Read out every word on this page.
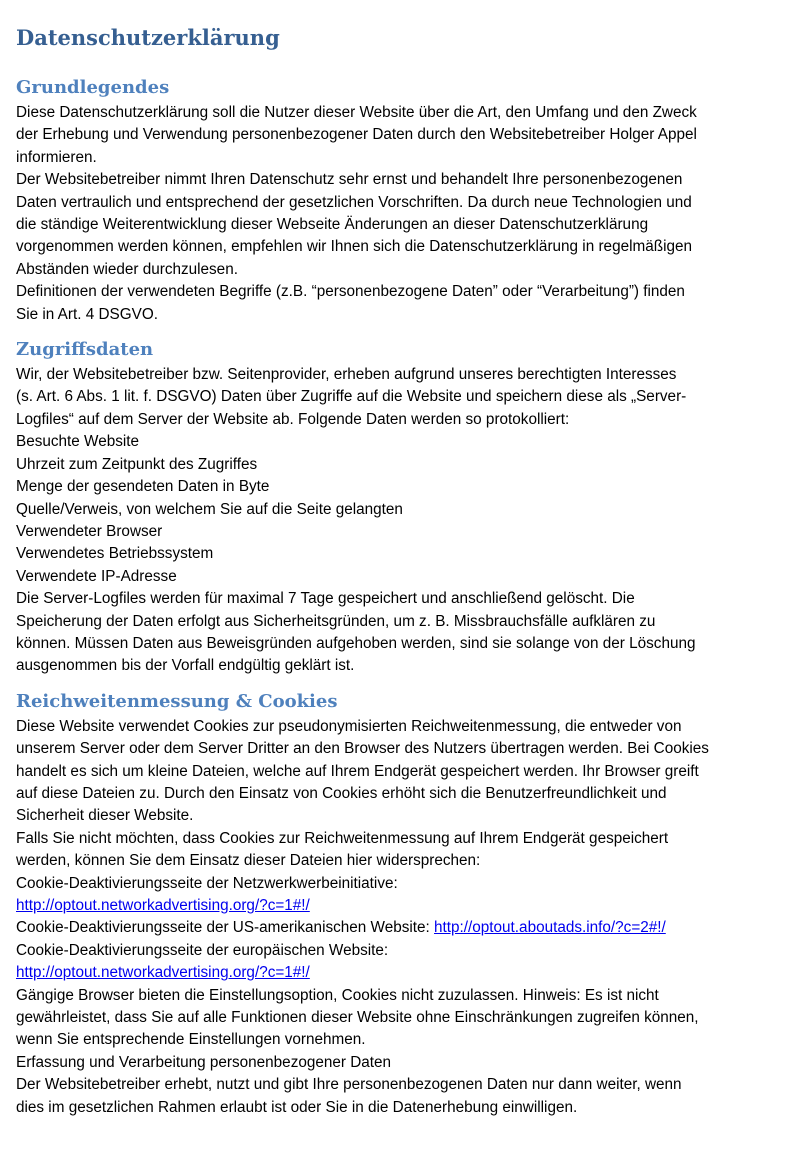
Datenschutzerklärung
Grundlegendes
Diese Datenschutzerklärung soll die Nutzer dieser Website über die Art, den Umfang und den Zweck
der Erhebung und Verwendung personenbezogener Daten durch den Websitebetreiber Holger Appel
informieren.
Der Websitebetreiber nimmt Ihren Datenschutz sehr ernst und behandelt Ihre personenbezogenen
Daten vertraulich und entsprechend der gesetzlichen Vorschriften. Da durch neue Technologien und
die ständige Weiterentwicklung dieser Webseite Änderungen an dieser Datenschutzerklärung
vorgenommen werden können, empfehlen wir Ihnen sich die Datenschutzerklärung in regelmäßigen
Abständen wieder durchzulesen.
Definitionen der verwendeten Begriffe (z.B. “personenbezogene Daten” oder “Verarbeitung”) finden
Sie in Art. 4 DSGVO.
Zugriffsdaten
Wir, der Websitebetreiber bzw. Seitenprovider, erheben aufgrund unseres berechtigten Interesses
(s. Art. 6 Abs. 1 lit. f. DSGVO) Daten über Zugriffe auf die Website und speichern diese als „Server-
Logfiles“ auf dem Server der Website ab. Folgende Daten werden so protokolliert:
Besuchte Website
Uhrzeit zum Zeitpunkt des Zugriffes
Menge der gesendeten Daten in Byte
Quelle/Verweis, von welchem Sie auf die Seite gelangten
Verwendeter Browser
Verwendetes Betriebssystem
Verwendete IP-Adresse
Die Server-Logfiles werden für maximal 7 Tage gespeichert und anschließend gelöscht. Die
Speicherung der Daten erfolgt aus Sicherheitsgründen, um z. B. Missbrauchsfälle aufklären zu
können. Müssen Daten aus Beweisgründen aufgehoben werden, sind sie solange von der Löschung
ausgenommen bis der Vorfall endgültig geklärt ist.
Reichweitenmessung & Cookies
Diese Website verwendet Cookies zur pseudonymisierten Reichweitenmessung, die entweder von
unserem Server oder dem Server Dritter an den Browser des Nutzers übertragen werden. Bei Cookies
handelt es sich um kleine Dateien, welche auf Ihrem Endgerät gespeichert werden. Ihr Browser greift
auf diese Dateien zu. Durch den Einsatz von Cookies erhöht sich die Benutzerfreundlichkeit und
Sicherheit dieser Website.
Falls Sie nicht möchten, dass Cookies zur Reichweitenmessung auf Ihrem Endgerät gespeichert
werden, können Sie dem Einsatz dieser Dateien hier widersprechen:
Cookie-Deaktivierungsseite der Netzwerkwerbeinitiative:
http://optout.networkadvertising.org/?c=1#!/
Cookie-Deaktivierungsseite der US-amerikanischen Website: http://optout.aboutads.info/?c=2#!/
Cookie-Deaktivierungsseite der europäischen Website:
http://optout.networkadvertising.org/?c=1#!/
Gängige Browser bieten die Einstellungsoption, Cookies nicht zuzulassen. Hinweis: Es ist nicht
gewährleistet, dass Sie auf alle Funktionen dieser Website ohne Einschränkungen zugreifen können,
wenn Sie entsprechende Einstellungen vornehmen.
Erfassung und Verarbeitung personenbezogener Daten
Der Websitebetreiber erhebt, nutzt und gibt Ihre personenbezogenen Daten nur dann weiter, wenn
dies im gesetzlichen Rahmen erlaubt ist oder Sie in die Datenerhebung einwilligen.
